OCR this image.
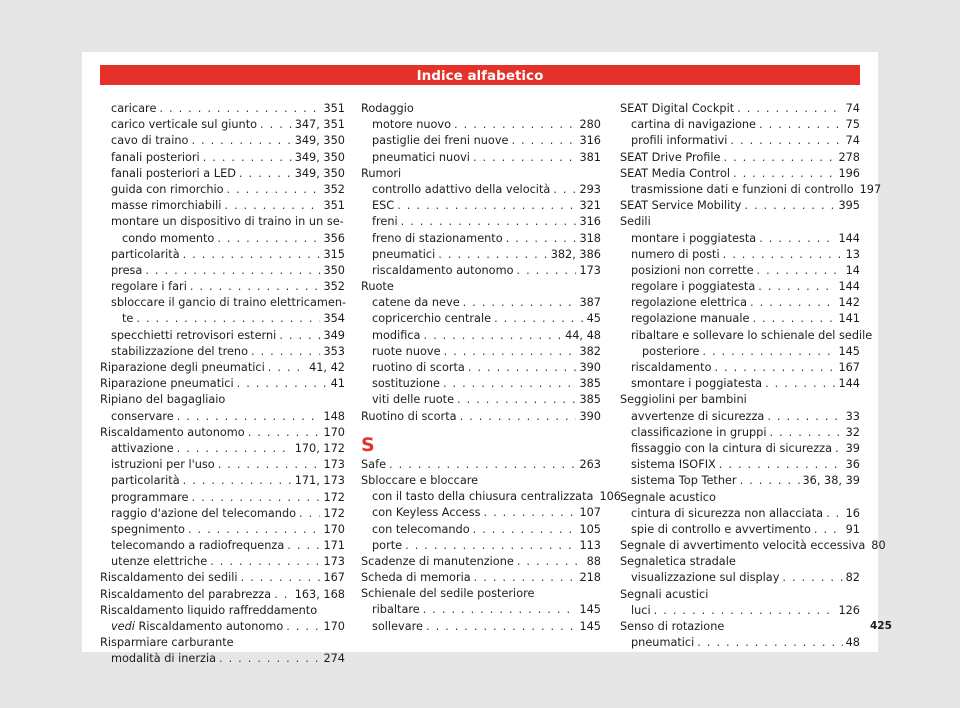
Indice alfabetico
caricare . . .	351
carico verticale sul giunto . . .	347, 351
cavo di traino . . .	349, 350
fanali posteriori . . .	349, 350
fanali posteriori a LED . . .	349, 350
guida con rimorchio . . .	352
masse rimorchiabili . . .	351
montare un dispositivo di traino in un se-
condo momento . . .	356
particolarità . . .	315
presa . . .	350
regolare i fari . . .	352
sbloccare il gancio di traino elettricamen-
te . . .	354
specchietti retrovisori esterni . . .	349
stabilizzazione del treno . . .	353
Riparazione degli pneumatici . . .	41, 42
Riparazione pneumatici . . .	41
Ripiano del bagagliaio
conservare . . .	148
Riscaldamento autonomo . . .	170
attivazione . . .	170, 172
istruzioni per l'uso . . .	173
particolarità . . .	171, 173
programmare . . .	172
raggio d'azione del telecomando . . . 172
spegnimento . . .	170
telecomando a radiofrequenza . . .	171
utenze elettriche . . .	173
Riscaldamento dei sedili . . .	167
Riscaldamento del parabrezza . . . 163, 168
Riscaldamento liquido raffreddamento
vedi Riscaldamento autonomo . . .	170
Risparmiare carburante
modalità di inerzia . . .	274
Rodaggio
motore nuovo . . .	280
pastiglie dei freni nuove . . .	316
pneumatici nuovi . . .	381
Rumori
controllo adattivo della velocità . . .	293
ESC . . .	321
freni . . .	316
freno di stazionamento . . .	318
pneumatici . . .	382, 386
riscaldamento autonomo . . .	173
Ruote
catene da neve . . .	387
copricerchio centrale . . .	45
modifica . . .	44, 48
ruote nuove . . .	382
ruotino di scorta . . .	390
sostituzione . . .	385
viti delle ruote . . .	385
Ruotino di scorta . . .	390
S
Safe . . .	263
Sbloccare e bloccare
con il tasto della chiusura centralizzata 106
con Keyless Access . . .	107
con telecomando . . .	105
porte . . .	113
Scadenze di manutenzione . . .	88
Scheda di memoria . . .	218
Schienale del sedile posteriore
ribaltare . . .	145
sollevare . . .	145
SEAT Digital Cockpit . . .	74
cartina di navigazione . . .	75
profili informativi . . .	74
SEAT Drive Profile . . .	278
SEAT Media Control . . .	196
trasmissione dati e funzioni di controllo 197
SEAT Service Mobility . . .	395
Sedili
montare i poggiatesta . . .	144
numero di posti . . .	13
posizioni non corrette . . .	14
regolare i poggiatesta . . .	144
regolazione elettrica . . .	142
regolazione manuale . . .	141
ribaltare e sollevare lo schienale del sedile
posteriore . . .	145
riscaldamento . . .	167
smontare i poggiatesta . . .	144
Seggiolini per bambini
avvertenze di sicurezza . . .	33
classificazione in gruppi . . .	32
fissaggio con la cintura di sicurezza . . . 39
sistema ISOFIX . . .	36
sistema Top Tether . . .	36, 38, 39
Segnale acustico
cintura di sicurezza non allacciata . . . 16
spie di controllo e avvertimento . . .	91
Segnale di avvertimento velocità eccessiva 80
Segnaletica stradale
visualizzazione sul display . . .	82
Segnali acustici
luci . . .	126
Senso di rotazione
pneumatici . . .	48
425
